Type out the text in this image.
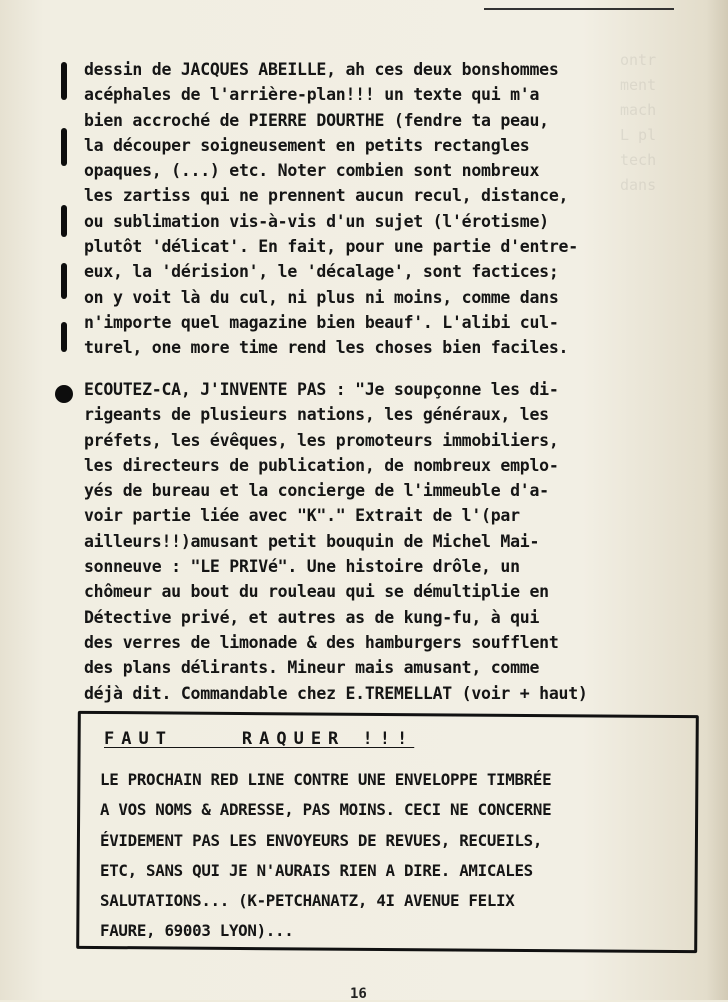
dessin de JACQUES ABEILLE, ah ces deux bonshommes
acéphales de l'arrière-plan!!! un texte qui m'a
bien accroché de PIERRE DOURTHE (fendre ta peau,
la découper soigneusement en petits rectangles
opaques, (...) etc. Noter combien sont nombreux
les zartiss qui ne prennent aucun recul, distance,
ou sublimation vis-à-vis d'un sujet (l'érotisme)
plutôt 'délicat'. En fait, pour une partie d'entre-
eux, la 'dérision', le 'décalage', sont factices;
on y voit là du cul, ni plus ni moins, comme dans
n'importe quel magazine bien beauf'. L'alibi cul-
turel, one more time rend les choses bien faciles.
ECOUTEZ-CA, J'INVENTE PAS : "Je soupçonne les di-
rigeants de plusieurs nations, les généraux, les
préfets, les évêques, les promoteurs immobiliers,
les directeurs de publication, de nombreux emplo-
yés de bureau et la concierge de l'immeuble d'a-
voir partie liée avec "K"." Extrait de l'(par
ailleurs!!)amusant petit bouquin de Michel Mai-
sonneuve : "LE PRIVé". Une histoire drôle, un
chômeur au bout du rouleau qui se démultiplie en
Détective privé, et autres as de kung-fu, à qui
des verres de limonade & des hamburgers soufflent
des plans délirants. Mineur mais amusant, comme
déjà dit. Commandable chez E.TREMELLAT (voir + haut)
FAUT    RAQUER !!!
LE PROCHAIN RED LINE CONTRE UNE ENVELOPPE TIMBRÉE
A VOS NOMS & ADRESSE, PAS MOINS. CECI NE CONCERNE
ÉVIDEMENT PAS LES ENVOYEURS DE REVUES, RECUEILS,
ETC, SANS QUI JE N'AURAIS RIEN A DIRE. AMICALES
SALUTATIONS... (K-PETCHANATZ, 4I AVENUE FELIX
FAURE, 69003 LYON)...
16
